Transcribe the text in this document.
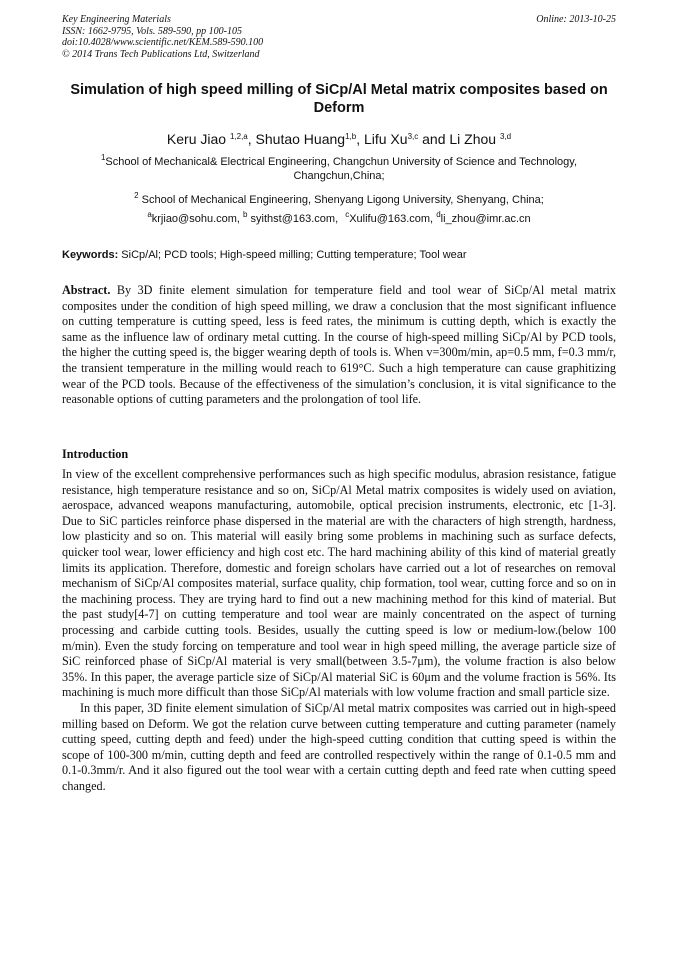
Key Engineering Materials
ISSN: 1662-9795, Vols. 589-590, pp 100-105
doi:10.4028/www.scientific.net/KEM.589-590.100
© 2014 Trans Tech Publications Ltd, Switzerland
Online: 2013-10-25
Simulation of high speed milling of SiCp/Al Metal matrix composites based on Deform
Keru Jiao $^{1,2,a}$, Shutao Huang$^{1,b}$, Lifu Xu$^{3,c}$ and Li Zhou $^{3,d}$
$^1$School of Mechanical& Electrical Engineering, Changchun University of Science and Technology, Changchun,China;
$^2$ School of Mechanical Engineering, Shenyang Ligong University, Shenyang, China;
$^a$krjiao@sohu.com, $^b$ syithst@163.com, $^c$Xulifu@163.com, $^d$li_zhou@imr.ac.cn
Keywords: SiCp/Al; PCD tools; High-speed milling; Cutting temperature; Tool wear
Abstract. By 3D finite element simulation for temperature field and tool wear of SiCp/Al metal matrix composites under the condition of high speed milling, we draw a conclusion that the most significant influence on cutting temperature is cutting speed, less is feed rates, the minimum is cutting depth, which is exactly the same as the influence law of ordinary metal cutting. In the course of high-speed milling SiCp/Al by PCD tools, the higher the cutting speed is, the bigger wearing depth of tools is. When v=300m/min, ap=0.5 mm, f=0.3 mm/r, the transient temperature in the milling would reach to 619°C. Such a high temperature can cause graphitizing wear of the PCD tools. Because of the effectiveness of the simulation’s conclusion, it is vital significance to the reasonable options of cutting parameters and the prolongation of tool life.
Introduction

In view of the excellent comprehensive performances such as high specific modulus, abrasion resistance, fatigue resistance, high temperature resistance and so on, SiCp/Al Metal matrix composites is widely used on aviation, aerospace, advanced weapons manufacturing, automobile, optical precision instruments, electronic, etc [1-3]. Due to SiC particles reinforce phase dispersed in the material are with the characters of high strength, hardness, low plasticity and so on. This material will easily bring some problems in machining such as surface defects, quicker tool wear, lower efficiency and high cost etc. The hard machining ability of this kind of material greatly limits its application. Therefore, domestic and foreign scholars have carried out a lot of researches on removal mechanism of SiCp/Al composites material, surface quality, chip formation, tool wear, cutting force and so on in the machining process. They are trying hard to find out a new machining method for this kind of material. But the past study[4-7] on cutting temperature and tool wear are mainly concentrated on the aspect of turning processing and carbide cutting tools. Besides, usually the cutting speed is low or medium-low.(below 100 m/min). Even the study forcing on temperature and tool wear in high speed milling, the average particle size of SiC reinforced phase of SiCp/Al material is very small(between 3.5-7μm), the volume fraction is also below 35%. In this paper, the average particle size of SiCp/Al material SiC is 60μm and the volume fraction is 56%. Its machining is much more difficult than those SiCp/Al materials with low volume fraction and small particle size.

In this paper, 3D finite element simulation of SiCp/Al metal matrix composites was carried out in high-speed milling based on Deform. We got the relation curve between cutting temperature and cutting parameter (namely cutting speed, cutting depth and feed) under the high-speed cutting condition that cutting speed is within the scope of 100-300 m/min, cutting depth and feed are controlled respectively within the range of 0.1-0.5 mm and 0.1-0.3mm/r. And it also figured out the tool wear with a certain cutting depth and feed rate when cutting speed changed.
